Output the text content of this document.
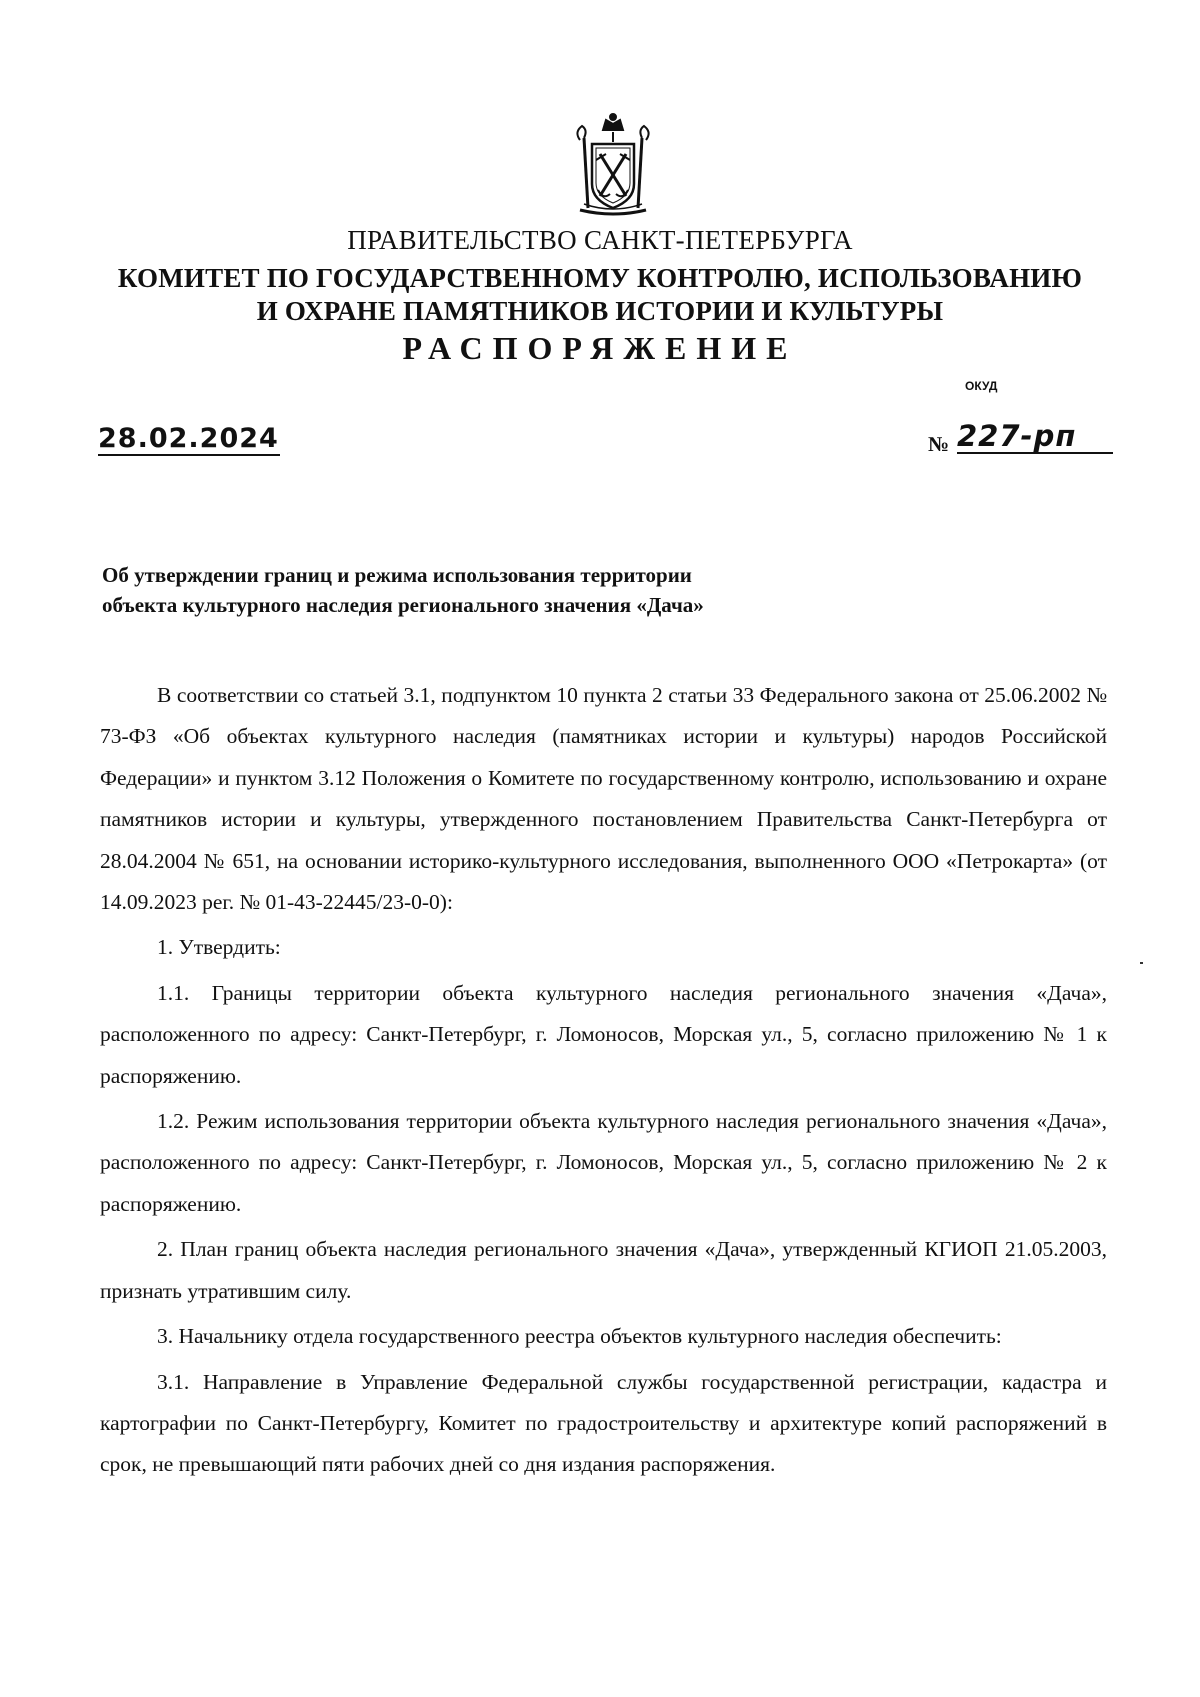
ПРАВИТЕЛЬСТВО САНКТ-ПЕТЕРБУРГА
КОМИТЕТ ПО ГОСУДАРСТВЕННОМУ КОНТРОЛЮ, ИСПОЛЬЗОВАНИЮ
И ОХРАНЕ ПАМЯТНИКОВ ИСТОРИИ И КУЛЬТУРЫ
РАСПОРЯЖЕНИЕ
ОКУД
28.02.2024	№ 227-рп
Об утверждении границ и режима использования территории
объекта культурного наследия регионального значения «Дача»

В соответствии со статьей 3.1, подпунктом 10 пункта 2 статьи 33 Федерального закона от 25.06.2002 № 73-ФЗ «Об объектах культурного наследия (памятниках истории и культуры) народов Российской Федерации» и пунктом 3.12 Положения о Комитете по государственному контролю, использованию и охране памятников истории и культуры, утвержденного постановлением Правительства Санкт-Петербурга от 28.04.2004 № 651, на основании историко-культурного исследования, выполненного ООО «Петрокарта» (от 14.09.2023 рег. № 01-43-22445/23-0-0):

1. Утвердить:

1.1. Границы территории объекта культурного наследия регионального значения «Дача», расположенного по адресу: Санкт-Петербург, г. Ломоносов, Морская ул., 5, согласно приложению № 1 к распоряжению.

1.2. Режим использования территории объекта культурного наследия регионального значения «Дача», расположенного по адресу: Санкт-Петербург, г. Ломоносов, Морская ул., 5, согласно приложению № 2 к распоряжению.

2. План границ объекта наследия регионального значения «Дача», утвержденный КГИОП 21.05.2003, признать утратившим силу.

3. Начальнику отдела государственного реестра объектов культурного наследия обеспечить:

3.1. Направление в Управление Федеральной службы государственной регистрации, кадастра и картографии по Санкт-Петербургу, Комитет по градостроительству и архитектуре копий распоряжений в срок, не превышающий пяти рабочих дней со дня издания распоряжения.
